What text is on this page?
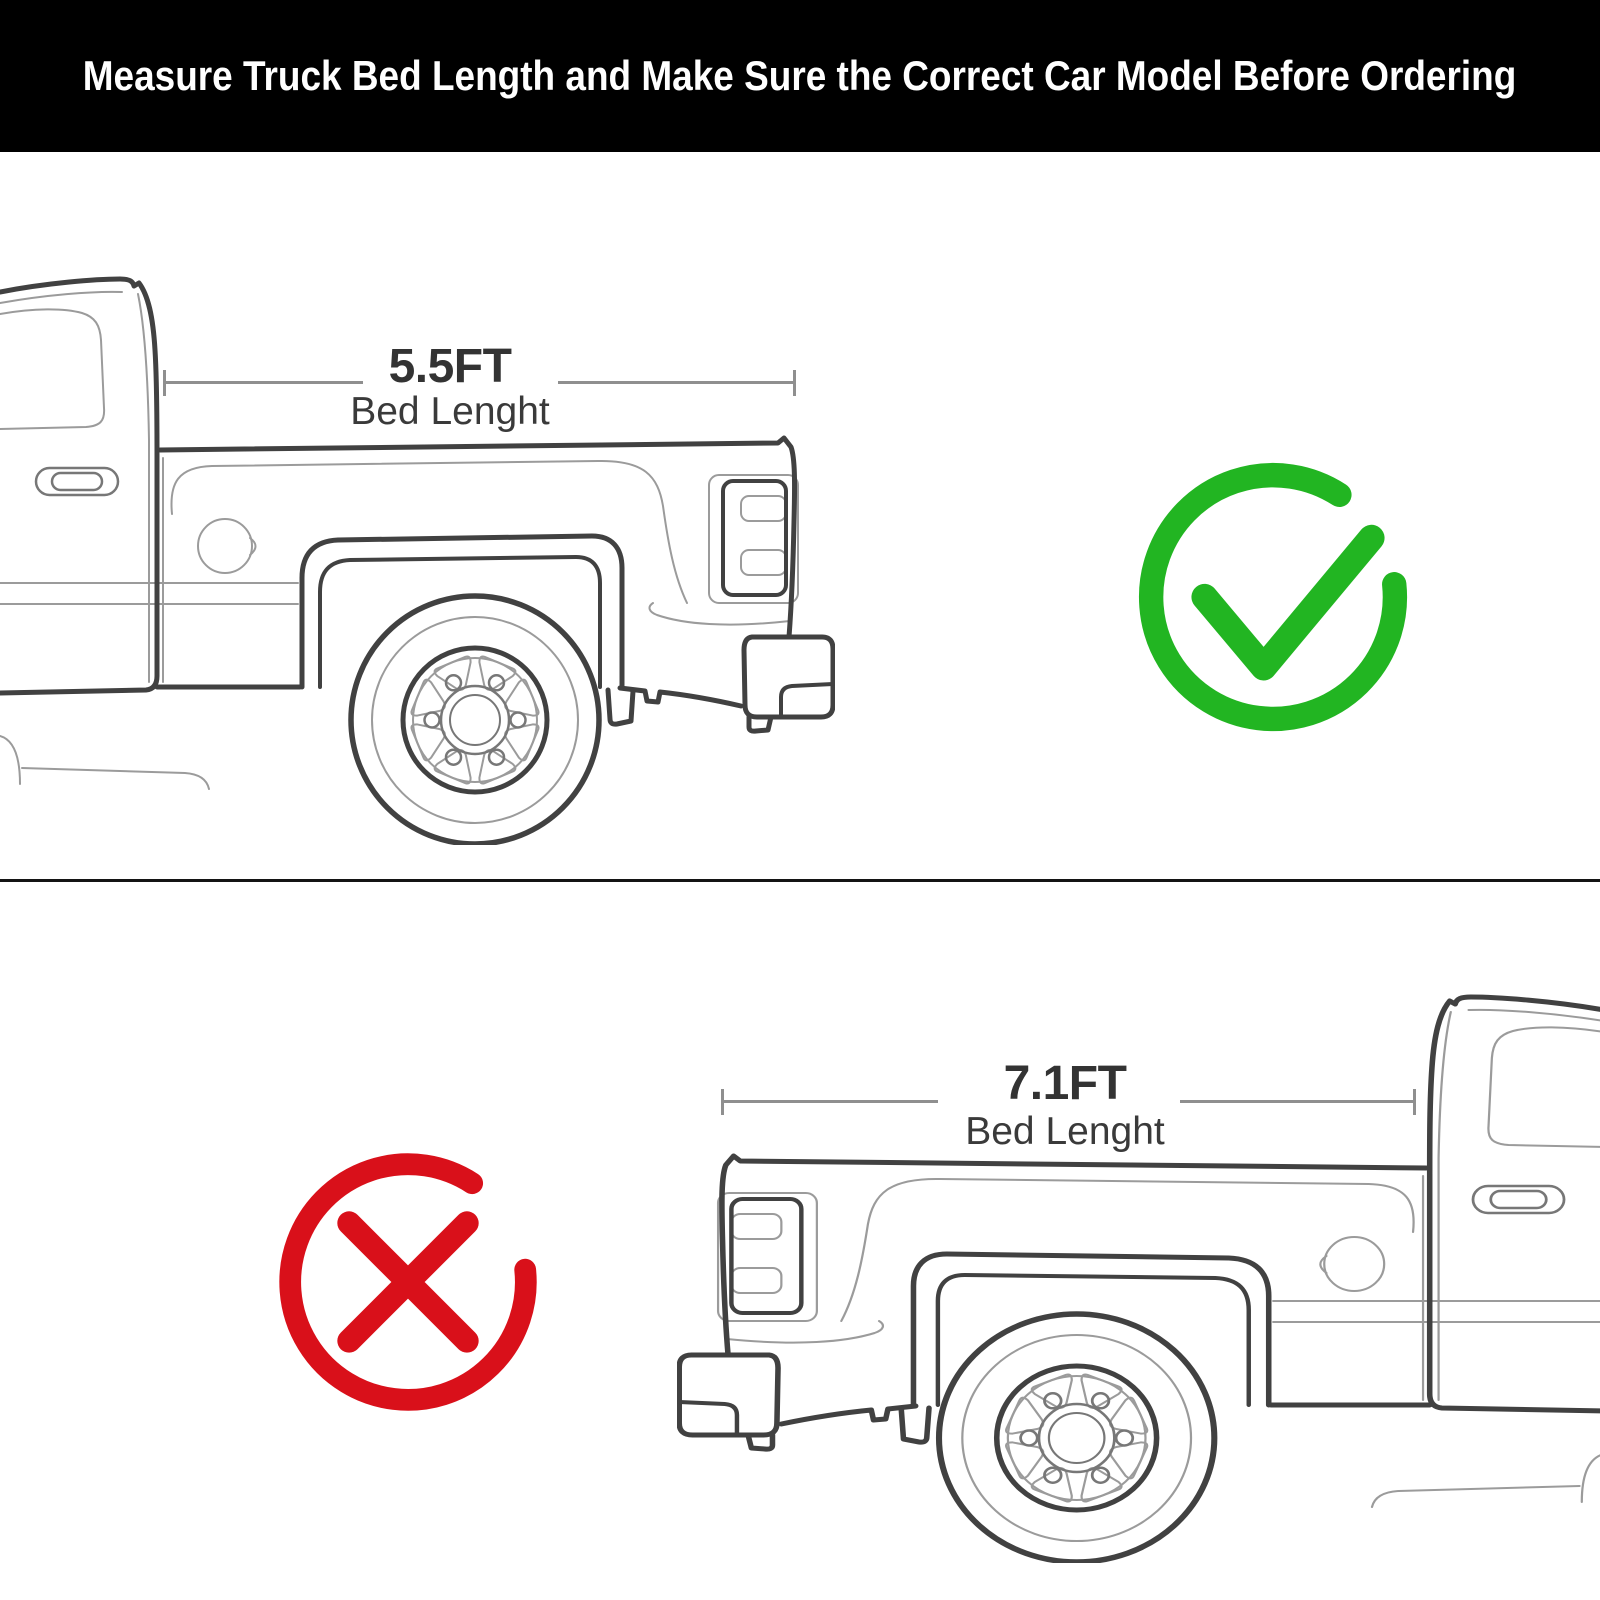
Measure Truck Bed Length and Make Sure the Correct Car Model Before Ordering
5.5FT
Bed Lenght
7.1FT
Bed Lenght
